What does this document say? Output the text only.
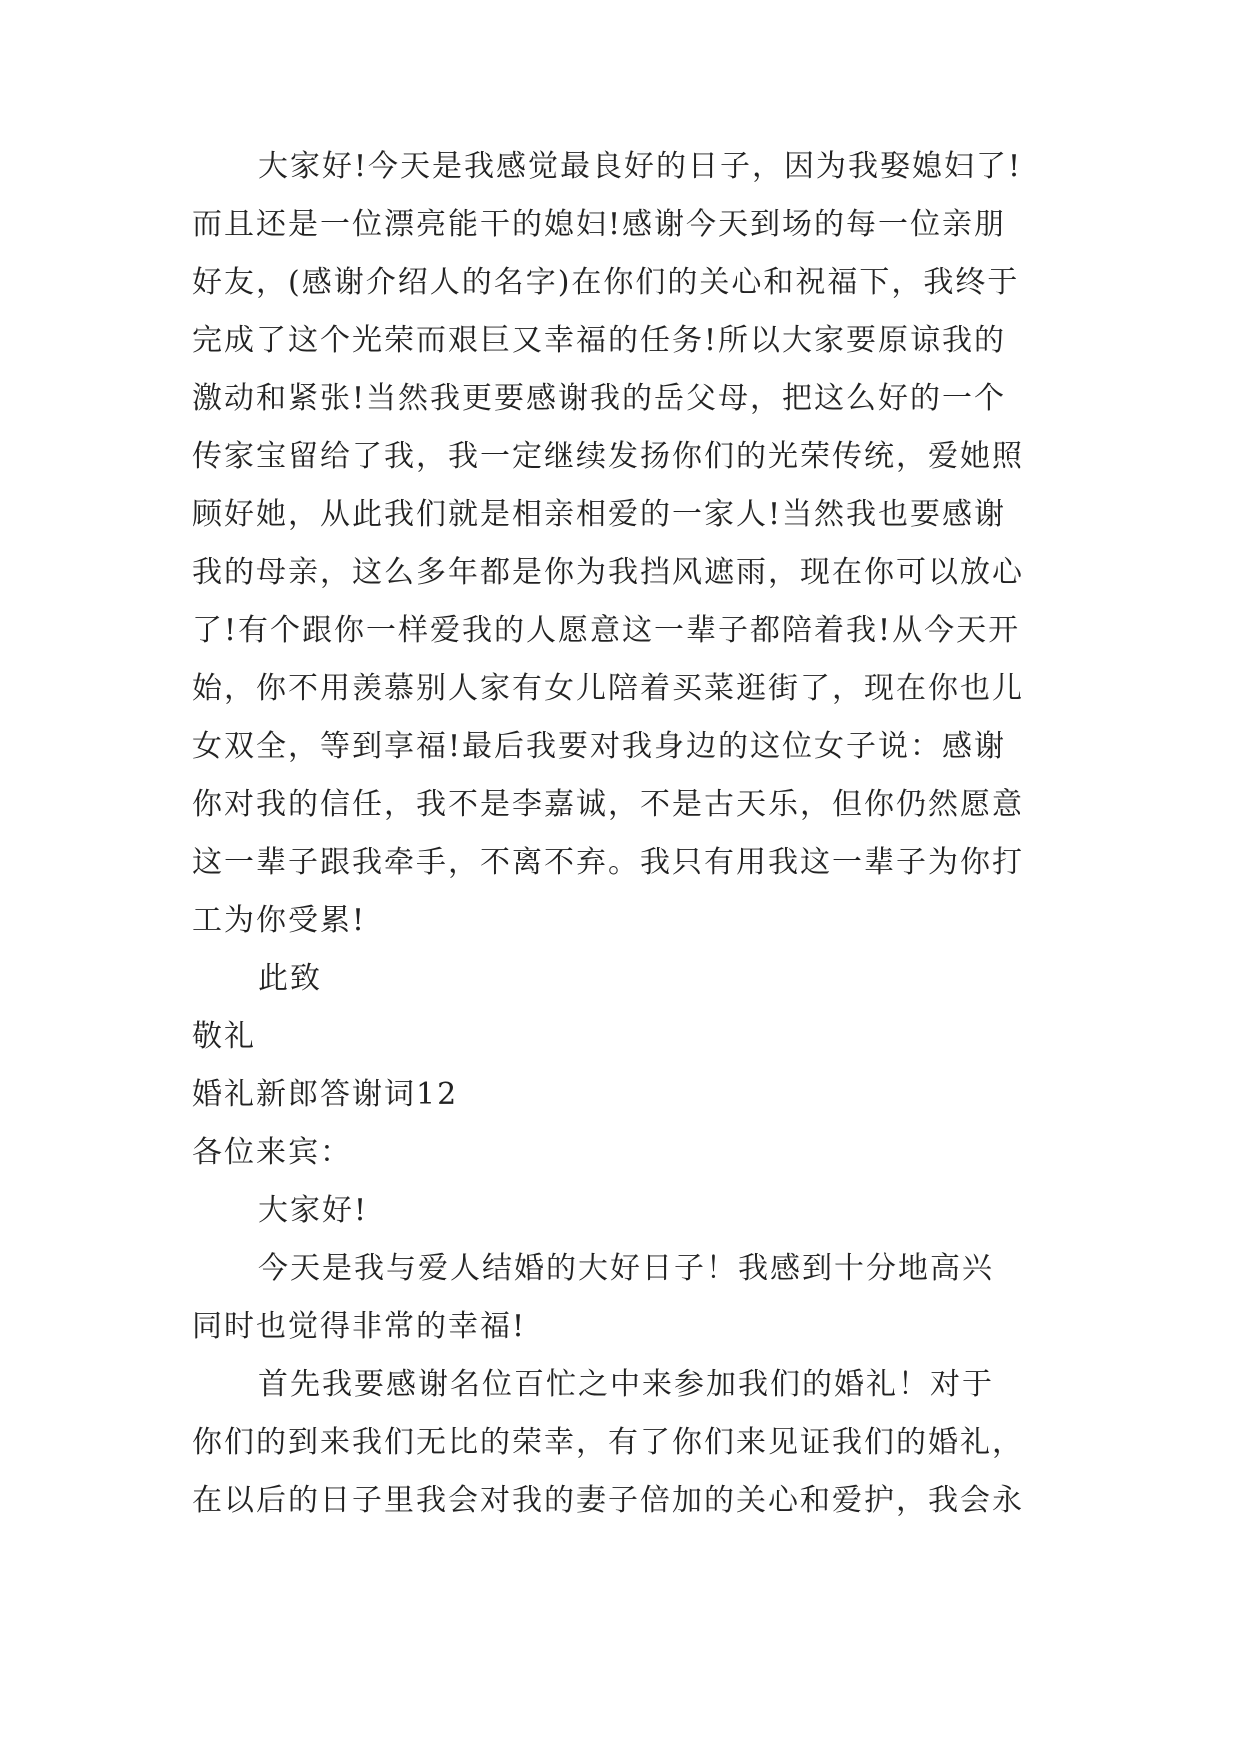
大家好!今天是我感觉最良好的日子，因为我娶媳妇了!
而且还是一位漂亮能干的媳妇!感谢今天到场的每一位亲朋
好友，(感谢介绍人的名字)在你们的关心和祝福下，我终于
完成了这个光荣而艰巨又幸福的任务!所以大家要原谅我的
激动和紧张!当然我更要感谢我的岳父母，把这么好的一个
传家宝留给了我，我一定继续发扬你们的光荣传统，爱她照
顾好她，从此我们就是相亲相爱的一家人!当然我也要感谢
我的母亲，这么多年都是你为我挡风遮雨，现在你可以放心
了!有个跟你一样爱我的人愿意这一辈子都陪着我!从今天开
始，你不用羡慕别人家有女儿陪着买菜逛街了，现在你也儿
女双全，等到享福!最后我要对我身边的这位女子说：感谢
你对我的信任，我不是李嘉诚，不是古天乐，但你仍然愿意
这一辈子跟我牵手，不离不弃。我只有用我这一辈子为你打
工为你受累!
此致
敬礼
婚礼新郎答谢词12
各位来宾：
大家好!
今天是我与爱人结婚的大好日子！我感到十分地高兴
同时也觉得非常的幸福!
首先我要感谢名位百忙之中来参加我们的婚礼！对于
你们的到来我们无比的荣幸，有了你们来见证我们的婚礼，
在以后的日子里我会对我的妻子倍加的关心和爱护，我会永
